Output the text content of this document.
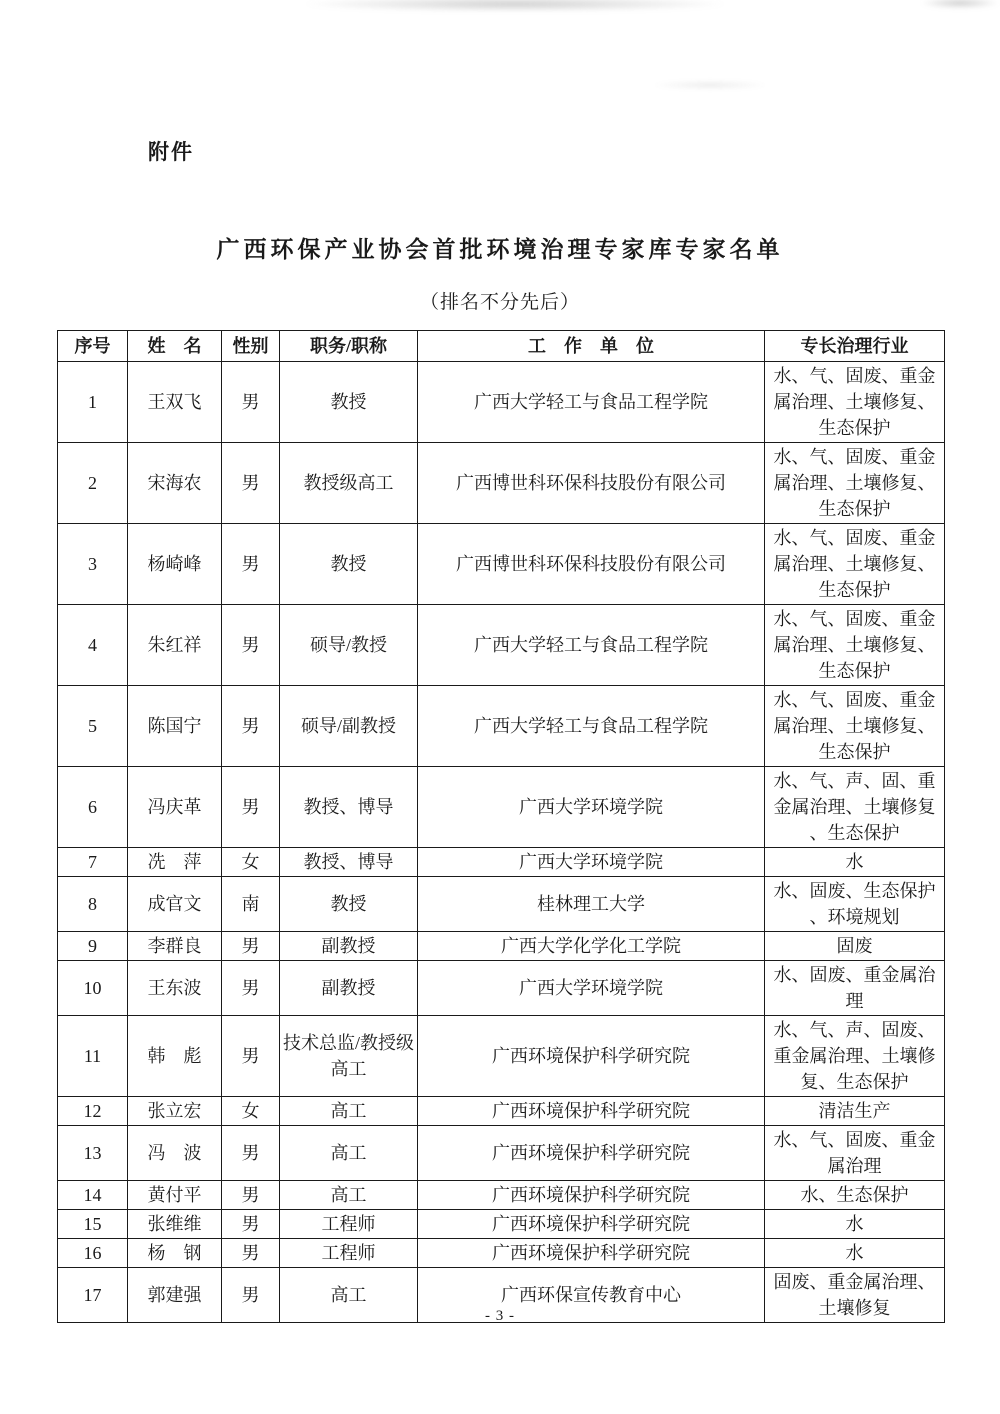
附件
广西环保产业协会首批环境治理专家库专家名单
（排名不分先后）
序号	姓　名	性别	职务/职称	工　作　单　位	专长治理行业
1	王双飞	男	教授	广西大学轻工与食品工程学院	水、气、固废、重金属治理、土壤修复、生态保护
2	宋海农	男	教授级高工	广西博世科环保科技股份有限公司	水、气、固废、重金属治理、土壤修复、生态保护
3	杨崎峰	男	教授	广西博世科环保科技股份有限公司	水、气、固废、重金属治理、土壤修复、生态保护
4	朱红祥	男	硕导/教授	广西大学轻工与食品工程学院	水、气、固废、重金属治理、土壤修复、生态保护
5	陈国宁	男	硕导/副教授	广西大学轻工与食品工程学院	水、气、固废、重金属治理、土壤修复、生态保护
6	冯庆革	男	教授、博导	广西大学环境学院	水、气、声、固、重金属治理、土壤修复、生态保护
7	冼　萍	女	教授、博导	广西大学环境学院	水
8	成官文	南	教授	桂林理工大学	水、固废、生态保护、环境规划
9	李群良	男	副教授	广西大学化学化工学院	固废
10	王东波	男	副教授	广西大学环境学院	水、固废、重金属治理
11	韩　彪	男	技术总监/教授级高工	广西环境保护科学研究院	水、气、声、固废、重金属治理、土壤修复、生态保护
12	张立宏	女	高工	广西环境保护科学研究院	清洁生产
13	冯　波	男	高工	广西环境保护科学研究院	水、气、固废、重金属治理
14	黄付平	男	高工	广西环境保护科学研究院	水、生态保护
15	张维维	男	工程师	广西环境保护科学研究院	水
16	杨　钢	男	工程师	广西环境保护科学研究院	水
17	郭建强	男	高工	广西环保宣传教育中心	固废、重金属治理、土壤修复
- 3 -
